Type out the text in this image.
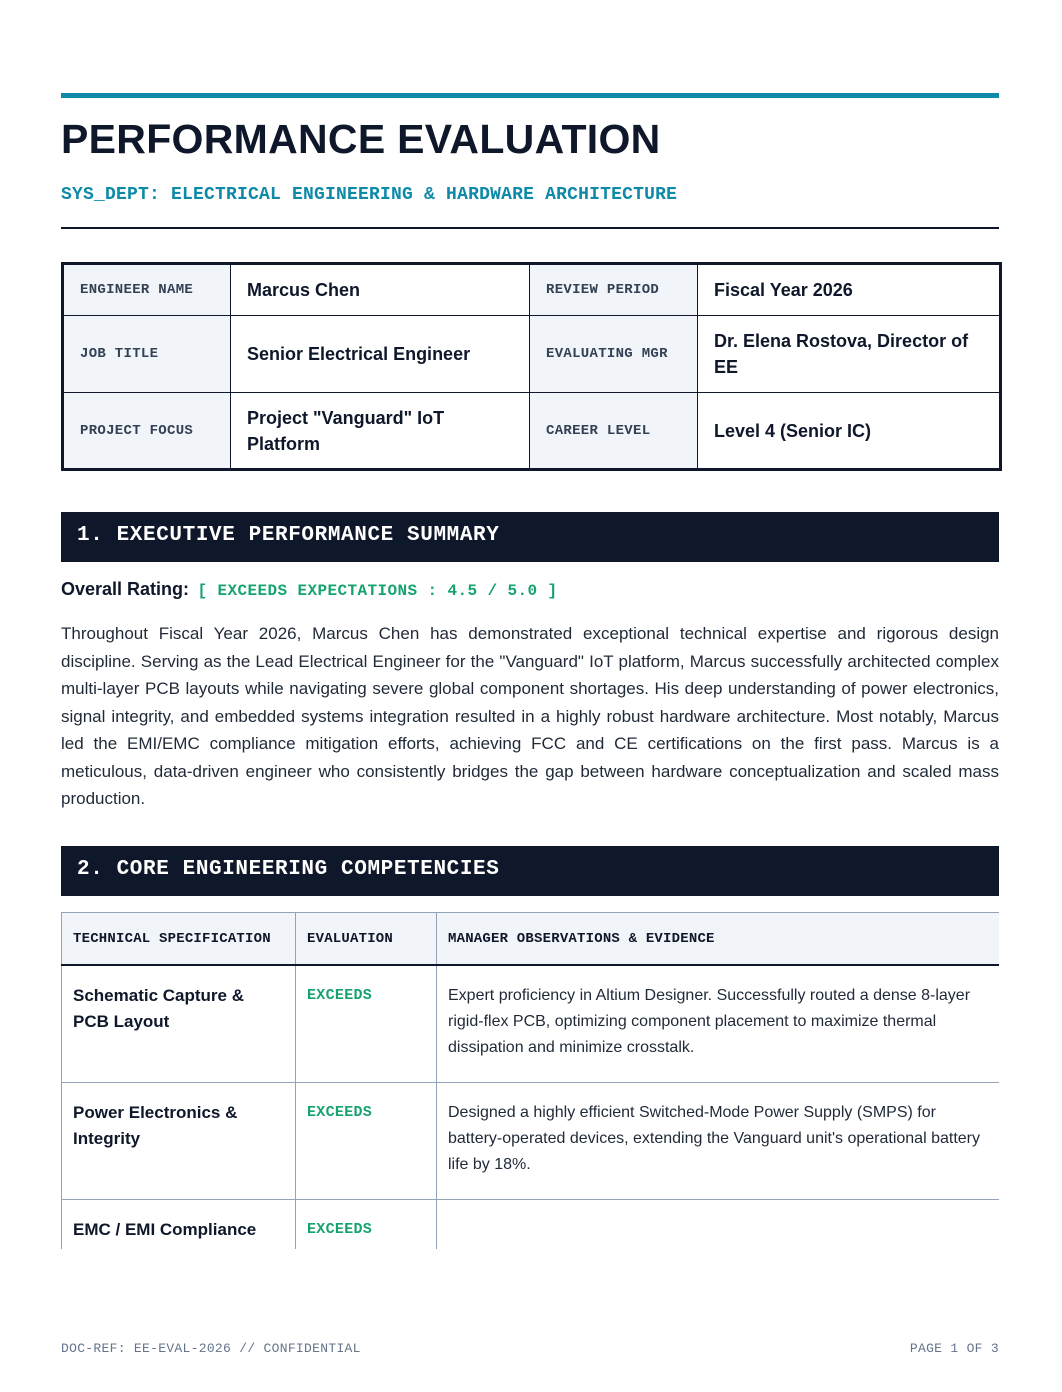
PERFORMANCE EVALUATION
SYS_DEPT: ELECTRICAL ENGINEERING & HARDWARE ARCHITECTURE
ENGINEER NAME	Marcus Chen	REVIEW PERIOD	Fiscal Year 2026
JOB TITLE	Senior Electrical Engineer	EVALUATING MGR	Dr. Elena Rostova, Director of EE
PROJECT FOCUS	Project "Vanguard" IoT Platform	CAREER LEVEL	Level 4 (Senior IC)
1. EXECUTIVE PERFORMANCE SUMMARY
Overall Rating: [ EXCEEDS EXPECTATIONS : 4.5 / 5.0 ]

Throughout Fiscal Year 2026, Marcus Chen has demonstrated exceptional technical expertise and rigorous design discipline. Serving as the Lead Electrical Engineer for the "Vanguard" IoT platform, Marcus successfully architected complex multi-layer PCB layouts while navigating severe global component shortages. His deep understanding of power electronics, signal integrity, and embedded systems integration resulted in a highly robust hardware architecture. Most notably, Marcus led the EMI/EMC compliance mitigation efforts, achieving FCC and CE certifications on the first pass. Marcus is a meticulous, data-driven engineer who consistently bridges the gap between hardware conceptualization and scaled mass production.

2. CORE ENGINEERING COMPETENCIES
TECHNICAL SPECIFICATION	EVALUATION	MANAGER OBSERVATIONS & EVIDENCE
Schematic Capture & PCB Layout	EXCEEDS	Expert proficiency in Altium Designer. Successfully routed a dense 8-layer rigid-flex PCB, optimizing component placement to maximize thermal dissipation and minimize crosstalk.
Power Electronics & Integrity	EXCEEDS	Designed a highly efficient Switched-Mode Power Supply (SMPS) for battery-operated devices, extending the Vanguard unit's operational battery life by 18%.
EMC / EMI Compliance	EXCEEDS	
DOC-REF: EE-EVAL-2026 // CONFIDENTIAL	PAGE 1 OF 3
